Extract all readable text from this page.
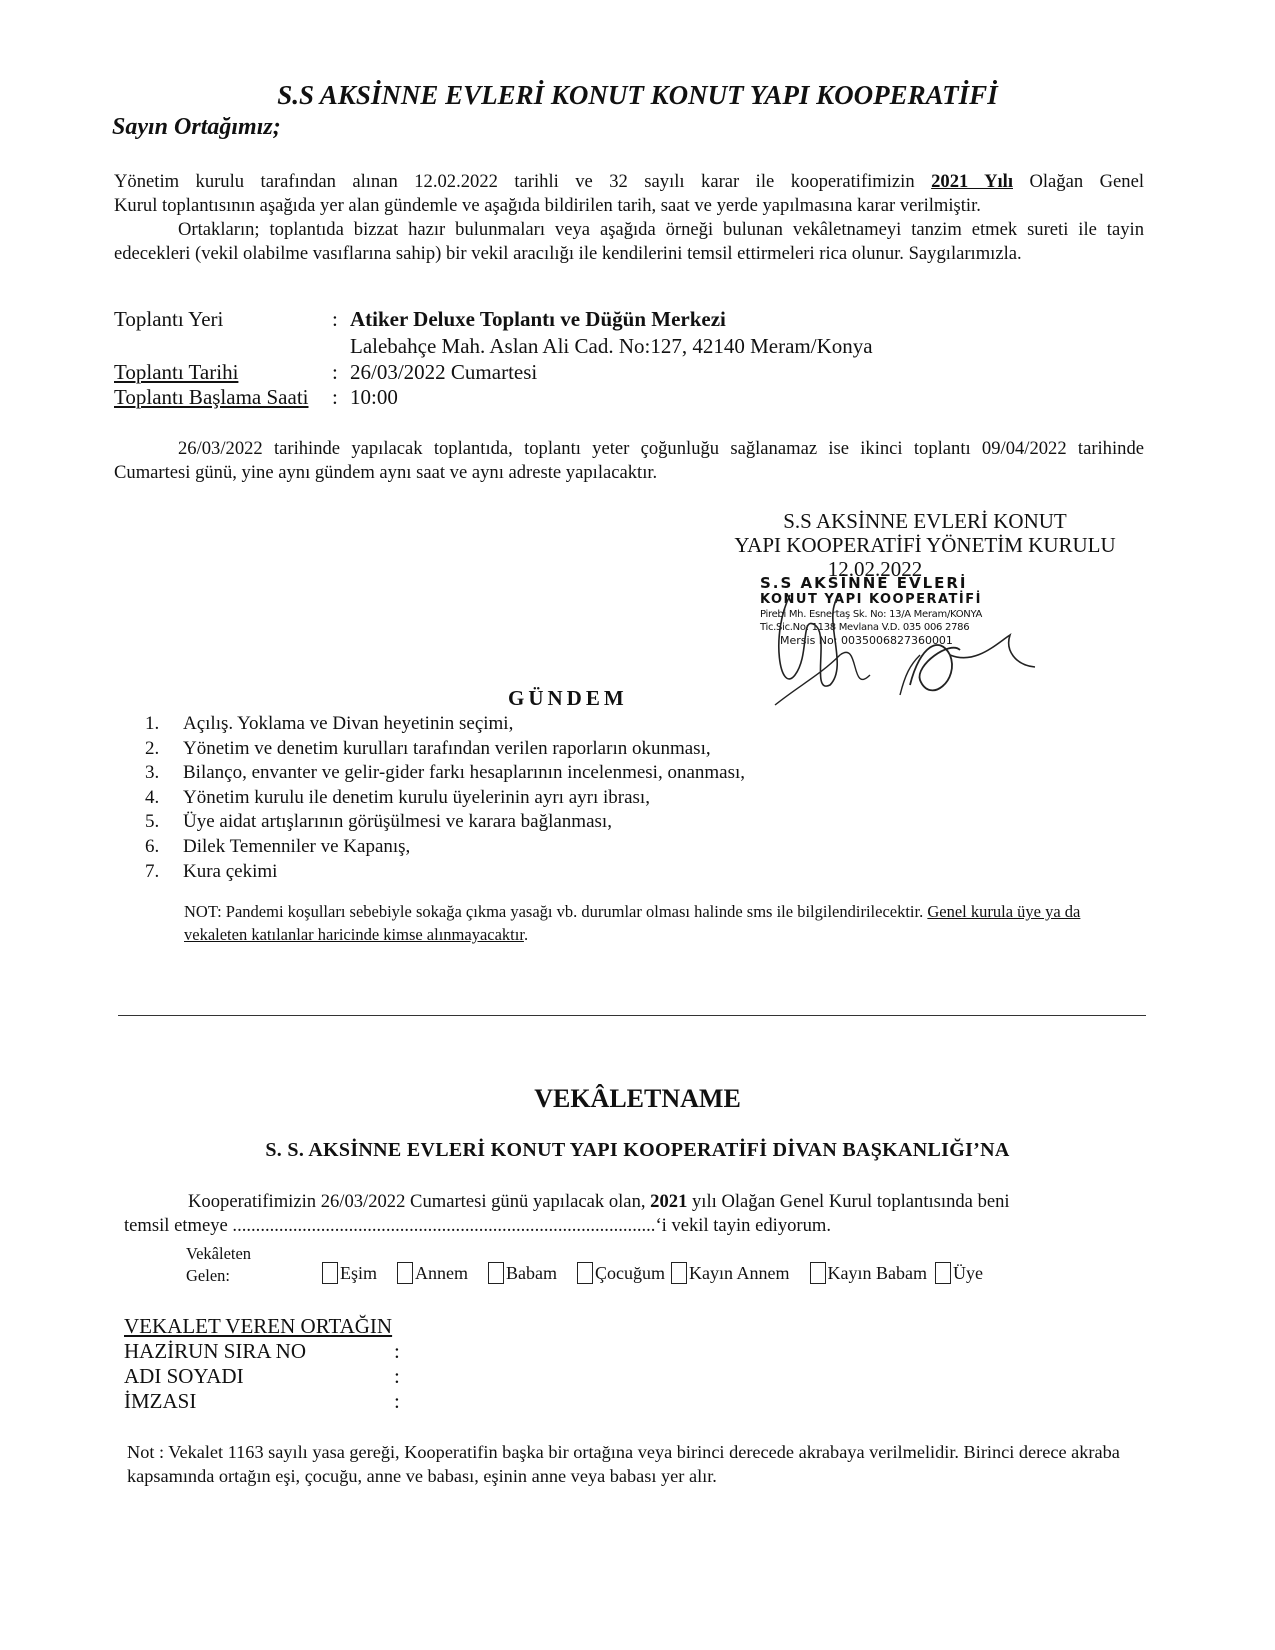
S.S AKSİNNE EVLERİ KONUT KONUT YAPI KOOPERATİFİ
Sayın Ortağımız;
Yönetim kurulu tarafından alınan 12.02.2022 tarihli ve 32 sayılı karar ile kooperatifimizin 2021 Yılı Olağan Genel
Kurul toplantısının aşağıda yer alan gündemle ve aşağıda bildirilen tarih, saat ve yerde yapılmasına karar verilmiştir.
Ortakların; toplantıda bizzat hazır bulunmaları veya aşağıda örneği bulunan vekâletnameyi tanzim etmek sureti ile tayin edecekleri (vekil olabilme vasıflarına sahip) bir vekil aracılığı ile kendilerini temsil ettirmeleri rica olunur. Saygılarımızla.
Toplantı Yeri	: Atiker Deluxe Toplantı ve Düğün Merkezi
Lalebahçe Mah. Aslan Ali Cad. No:127, 42140 Meram/Konya
Toplantı Tarihi	: 26/03/2022 Cumartesi
Toplantı Başlama Saati	: 10:00
26/03/2022 tarihinde yapılacak toplantıda, toplantı yeter çoğunluğu sağlanamaz ise ikinci toplantı 09/04/2022 tarihinde Cumartesi günü, yine aynı gündem aynı saat ve aynı adreste yapılacaktır.
S.S AKSİNNE EVLERİ KONUT
YAPI KOOPERATİFİ YÖNETİM KURULU
12.02.2022
S.S AKSİNNE EVLERİ
KONUT YAPI KOOPERATİFİ
Pirebi Mh. Esnertaş Sk. No: 13/A Meram/KONYA
Tic.Sic.No: 1138 Mevlana V.D. 035 006 2786
Mersis No: 0035006827360001
GÜNDEM
1.	Açılış. Yoklama ve Divan heyetinin seçimi,
2.	Yönetim ve denetim kurulları tarafından verilen raporların okunması,
3.	Bilanço, envanter ve gelir-gider farkı hesaplarının incelenmesi, onanması,
4.	Yönetim kurulu ile denetim kurulu üyelerinin ayrı ayrı ibrası,
5.	Üye aidat artışlarının görüşülmesi ve karara bağlanması,
6.	Dilek Temenniler ve Kapanış,
7.	Kura çekimi
NOT: Pandemi koşulları sebebiyle sokağa çıkma yasağı vb. durumlar olması halinde sms ile bilgilendirilecektir. Genel kurula üye ya da vekaleten katılanlar haricinde kimse alınmayacaktır.
VEKÂLETNAME
S. S. AKSİNNE EVLERİ KONUT YAPI KOOPERATİFİ DİVAN BAŞKANLIĞI’NA
Kooperatifimizin 26/03/2022 Cumartesi günü yapılacak olan, 2021 yılı Olağan Genel Kurul toplantısında beni
temsil etmeye ...........................................................................................‘i vekil tayin ediyorum.
Vekâleten
Gelen:	Eşim Annem Babam Çocuğum Kayın Annem Kayın Babam Üye
VEKALET VEREN ORTAĞIN
HAZİRUN SIRA NO	:
ADI SOYADI	:
İMZASI	:
Not : Vekalet 1163 sayılı yasa gereği, Kooperatifin başka bir ortağına veya birinci derecede akrabaya verilmelidir. Birinci derece akraba kapsamında ortağın eşi, çocuğu, anne ve babası, eşinin anne veya babası yer alır.
